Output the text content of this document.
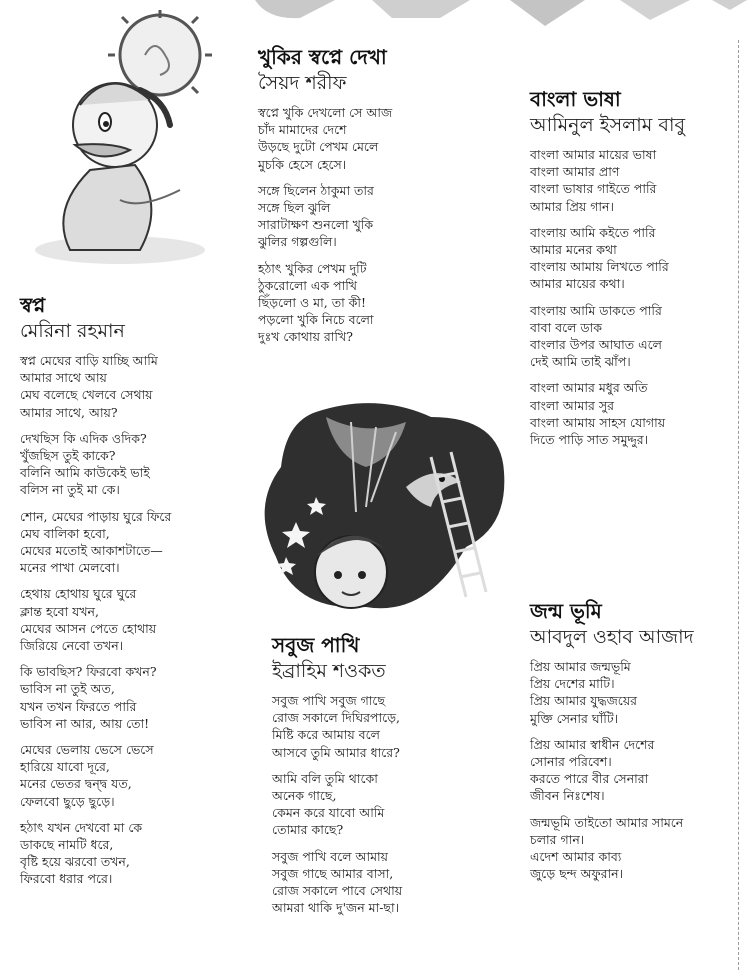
স্বপ্ন
মেরিনা রহমান
স্বপ্ন মেঘের বাড়ি যাচ্ছি আমি
আমার সাথে আয়
মেঘ বলেছে খেলবে সেথায়
আমার সাথে, আয়?
দেখছিস কি এদিক ওদিক?
খুঁজছিস তুই কাকে?
বলিনি আমি কাউকেই ভাই
বলিস না তুই মা কে।
শোন, মেঘের পাড়ায় ঘুরে ফিরে
মেঘ বালিকা হবো,
মেঘের মতোই আকাশটাতে—
মনের পাখা মেলবো।
হেথায় হোথায় ঘুরে ঘুরে
ক্লান্ত হবো যখন,
মেঘের আসন পেতে হোথায়
জিরিয়ে নেবো তখন।
কি ভাবছিস? ফিরবো কখন?
ভাবিস না তুই অত,
যখন তখন ফিরতে পারি
ভাবিস না আর, আয় তো!
মেঘের ভেলায় ভেসে ভেসে
হারিয়ে যাবো দূরে,
মনের ভেতর দ্বন্দ্ব যত,
ফেলবো ছুড়ে ছুড়ে।
হঠাৎ যখন দেখবো মা কে
ডাকছে নামটি ধরে,
বৃষ্টি হয়ে ঝরবো তখন,
ফিরবো ধরার পরে।
খুকির স্বপ্নে দেখা
সৈয়দ শরীফ
স্বপ্নে খুকি দেখলো সে আজ
চাঁদ মামাদের দেশে
উড়ছে দুটো পেখম মেলে
মুচকি হেসে হেসে।
সঙ্গে ছিলেন ঠাকুমা তার
সঙ্গে ছিল ঝুলি
সারাটাক্ষণ শুনলো খুকি
ঝুলির গল্পগুলি।
হঠাৎ খুকির পেখম দুটি
ঠুকরোলো এক পাখি
ছিঁড়লো ও মা, তা কী!
পড়লো খুকি নিচে বলো
দুঃখ কোথায় রাখি?
সবুজ পাখি
ইব্রাহিম শওকত
সবুজ পাখি সবুজ গাছে
রোজ সকালে দিঘিরপাড়ে,
মিষ্টি করে আমায় বলে
আসবে তুমি আমার ধারে?
আমি বলি তুমি থাকো
অনেক গাছে,
কেমন করে যাবো আমি
তোমার কাছে?
সবুজ পাখি বলে আমায়
সবুজ গাছে আমার বাসা,
রোজ সকালে পাবে সেথায়
আমরা থাকি দু'জন মা-ছা।
বাংলা ভাষা
আমিনুল ইসলাম বাবু
বাংলা আমার মায়ের ভাষা
বাংলা আমার প্রাণ
বাংলা ভাষার গাইতে পারি
আমার প্রিয় গান।
বাংলায় আমি কইতে পারি
আমার মনের কথা
বাংলায় আমায় লিখতে পারি
আমার মায়ের কথা।
বাংলায় আমি ডাকতে পারি
বাবা বলে ডাক
বাংলার উপর আঘাত এলে
দেই আমি তাই ঝাঁপ।
বাংলা আমার মধুর অতি
বাংলা আমার সুর
বাংলা আমায় সাহস যোগায়
দিতে পাড়ি সাত সমুদ্দুর।
জন্ম ভূমি
আবদুল ওহাব আজাদ
প্রিয় আমার জন্মভূমি
প্রিয় দেশের মাটি।
প্রিয় আমার যুদ্ধজয়ের
মুক্তি সেনার ঘাঁটি।
প্রিয় আমার স্বাধীন দেশের
সোনার পরিবেশ।
করতে পারে বীর সেনারা
জীবন নিঃশেষ।
জন্মভূমি তাইতো আমার সামনে
চলার গান।
এদেশ আমার কাব্য
জুড়ে ছন্দ অফুরান।
